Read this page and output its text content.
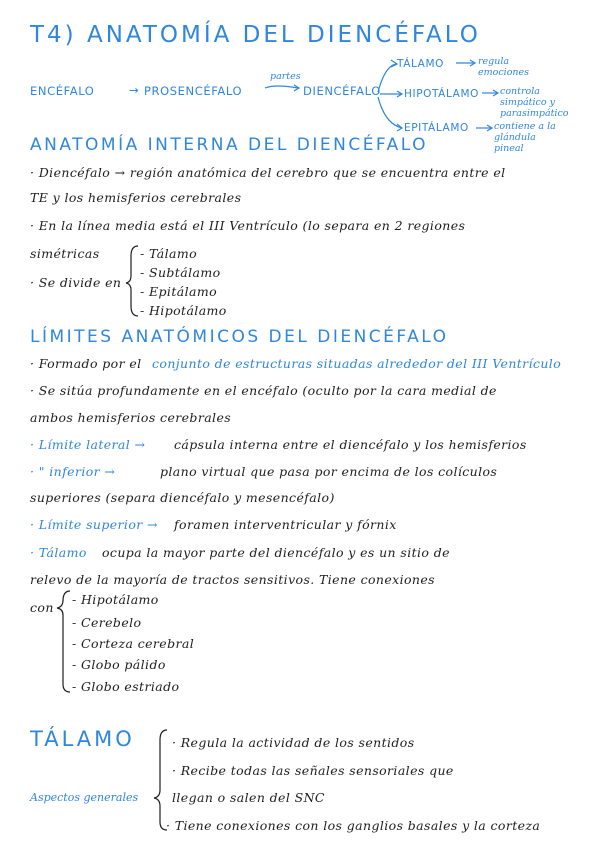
T4) ANATOMÍA DEL DIENCÉFALO
ENCÉFALO	→ PROSENCÉFALO
partes
DIENCÉFALO
TÁLAMO	regula
emociones
HIPOTÁLAMO controla
simpático y
parasimpático
EPITÁLAMO	contiene a la
glándula
pineal
ANATOMÍA INTERNA DEL DIENCÉFALO
· Diencéfalo → región anatómica del cerebro que se encuentra entre el
TE y los hemisferios cerebrales
· En la línea media está el III Ventrículo (lo separa en 2 regiones
simétricas
· Se divide en
- Tálamo
- Subtálamo
- Epitálamo
- Hipotálamo
LÍMITES ANATÓMICOS DEL DIENCÉFALO
· Formado por el conjunto de estructuras situadas alrededor del III Ventrículo
· Se sitúa profundamente en el encéfalo (oculto por la cara medial de
ambos hemisferios cerebrales
· Límite lateral → cápsula interna entre el diencéfalo y los hemisferios
· " inferior →	plano virtual que pasa por encima de los colículos
superiores (separa diencéfalo y mesencéfalo)
· Límite superior → foramen interventricular y fórnix
· Tálamo ocupa la mayor parte del diencéfalo y es un sitio de
relevo de la mayoría de tractos sensitivos. Tiene conexiones
con
- Hipotálamo
- Cerebelo
- Corteza cerebral
- Globo pálido
- Globo estriado
TÁLAMO
Aspectos generales
· Regula la actividad de los sentidos
· Recibe todas las señales sensoriales que
llegan o salen del SNC
· Tiene conexiones con los ganglios basales y la corteza
